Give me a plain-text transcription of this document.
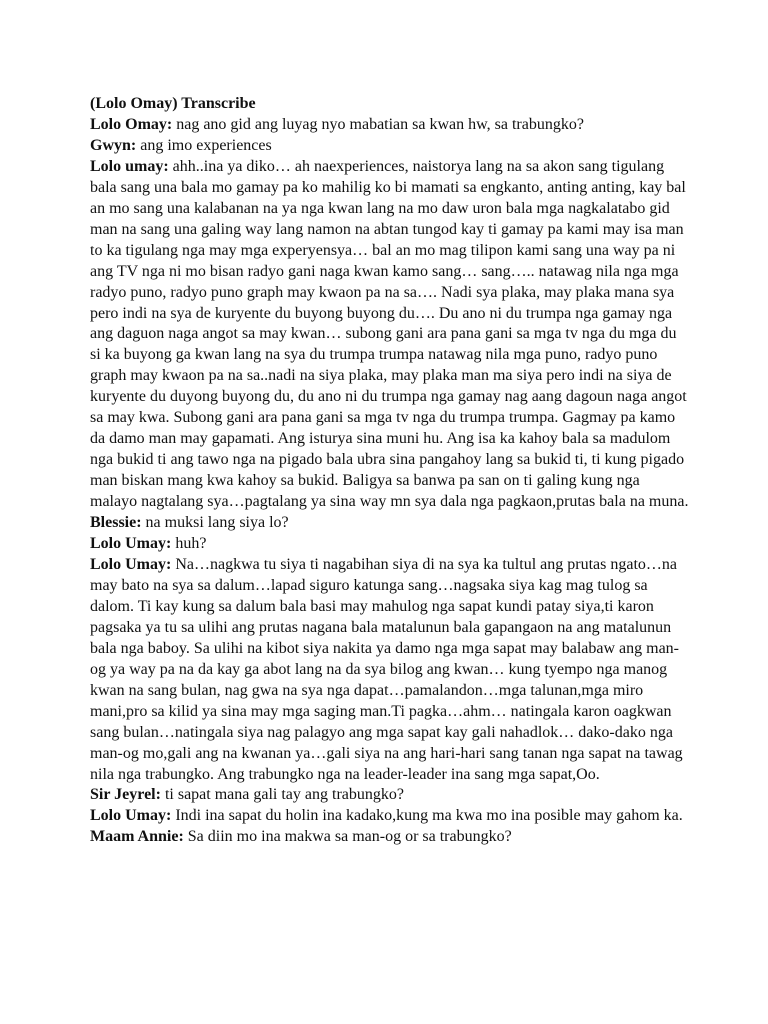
(Lolo Omay) Transcribe

Lolo Omay: nag ano gid ang luyag nyo mabatian sa kwan hw, sa trabungko?

Gwyn: ang imo experiences

Lolo umay: ahh..ina ya diko… ah naexperiences, naistorya lang na sa akon sang tigulang bala sang una bala mo gamay pa ko mahilig ko bi mamati sa engkanto, anting anting, kay bal an mo sang una kalabanan na ya nga kwan lang na mo daw uron bala mga nagkalatabo gid man na sang una galing way lang namon na abtan tungod kay ti gamay pa kami may isa man to ka tigulang nga may mga experyensya… bal an mo mag tilipon kami sang una way pa ni ang TV nga ni mo bisan radyo gani naga kwan kamo sang… sang….. natawag nila nga mga radyo puno, radyo puno graph may kwaon pa na sa…. Nadi sya plaka, may plaka mana sya pero indi na sya de kuryente du buyong buyong du…. Du ano ni du trumpa nga gamay nga ang daguon naga angot sa may kwan… subong gani ara pana gani sa mga tv nga du mga du si ka buyong ga kwan lang na sya du trumpa trumpa natawag nila mga puno, radyo puno graph may kwaon pa na sa..nadi na siya plaka, may plaka man ma siya pero indi na siya de kuryente du duyong buyong du, du ano ni du trumpa nga gamay nag aang dagoun naga angot sa may kwa. Subong gani ara pana gani sa mga tv nga du trumpa trumpa. Gagmay pa kamo da damo man may gapamati. Ang isturya sina muni hu. Ang isa ka kahoy bala sa madulom nga bukid ti ang tawo nga na pigado bala ubra sina pangahoy lang sa bukid ti, ti kung pigado man biskan mang kwa kahoy sa bukid. Baligya sa banwa pa san on ti galing kung nga malayo nagtalang sya…pagtalang ya sina way mn sya dala nga pagkaon,prutas bala na muna.

Blessie: na muksi lang siya lo?

Lolo Umay: huh?

Lolo Umay: Na…nagkwa tu siya ti nagabihan siya di na sya ka tultul ang prutas ngato…na may bato na sya sa dalum…lapad siguro katunga sang…nagsaka siya kag mag tulog sa dalom. Ti kay kung sa dalum bala basi may mahulog nga sapat kundi patay siya,ti karon pagsaka ya tu sa ulihi ang prutas nagana bala matalunun bala gapangaon na ang matalunun bala nga baboy. Sa ulihi na kibot siya nakita ya damo nga mga sapat may balabaw ang man-og ya way pa na da kay ga abot lang na da sya bilog ang kwan… kung tyempo nga manog kwan na sang bulan, nag gwa na sya nga dapat…pamalandon…mga talunan,mga miro mani,pro sa kilid ya sina may mga saging man.Ti pagka…ahm… natingala karon oagkwan sang bulan…natingala siya nag palagyo ang mga sapat kay gali nahadlok… dako-dako nga man-og mo,gali ang na kwanan ya…gali siya na ang hari-hari sang tanan nga sapat na tawag nila nga trabungko. Ang trabungko nga na leader-leader ina sang mga sapat,Oo.

Sir Jeyrel: ti sapat mana gali tay ang trabungko?

Lolo Umay: Indi ina sapat du holin ina kadako,kung ma kwa mo ina posible may gahom ka.

Maam Annie: Sa diin mo ina makwa sa man-og or sa trabungko?
